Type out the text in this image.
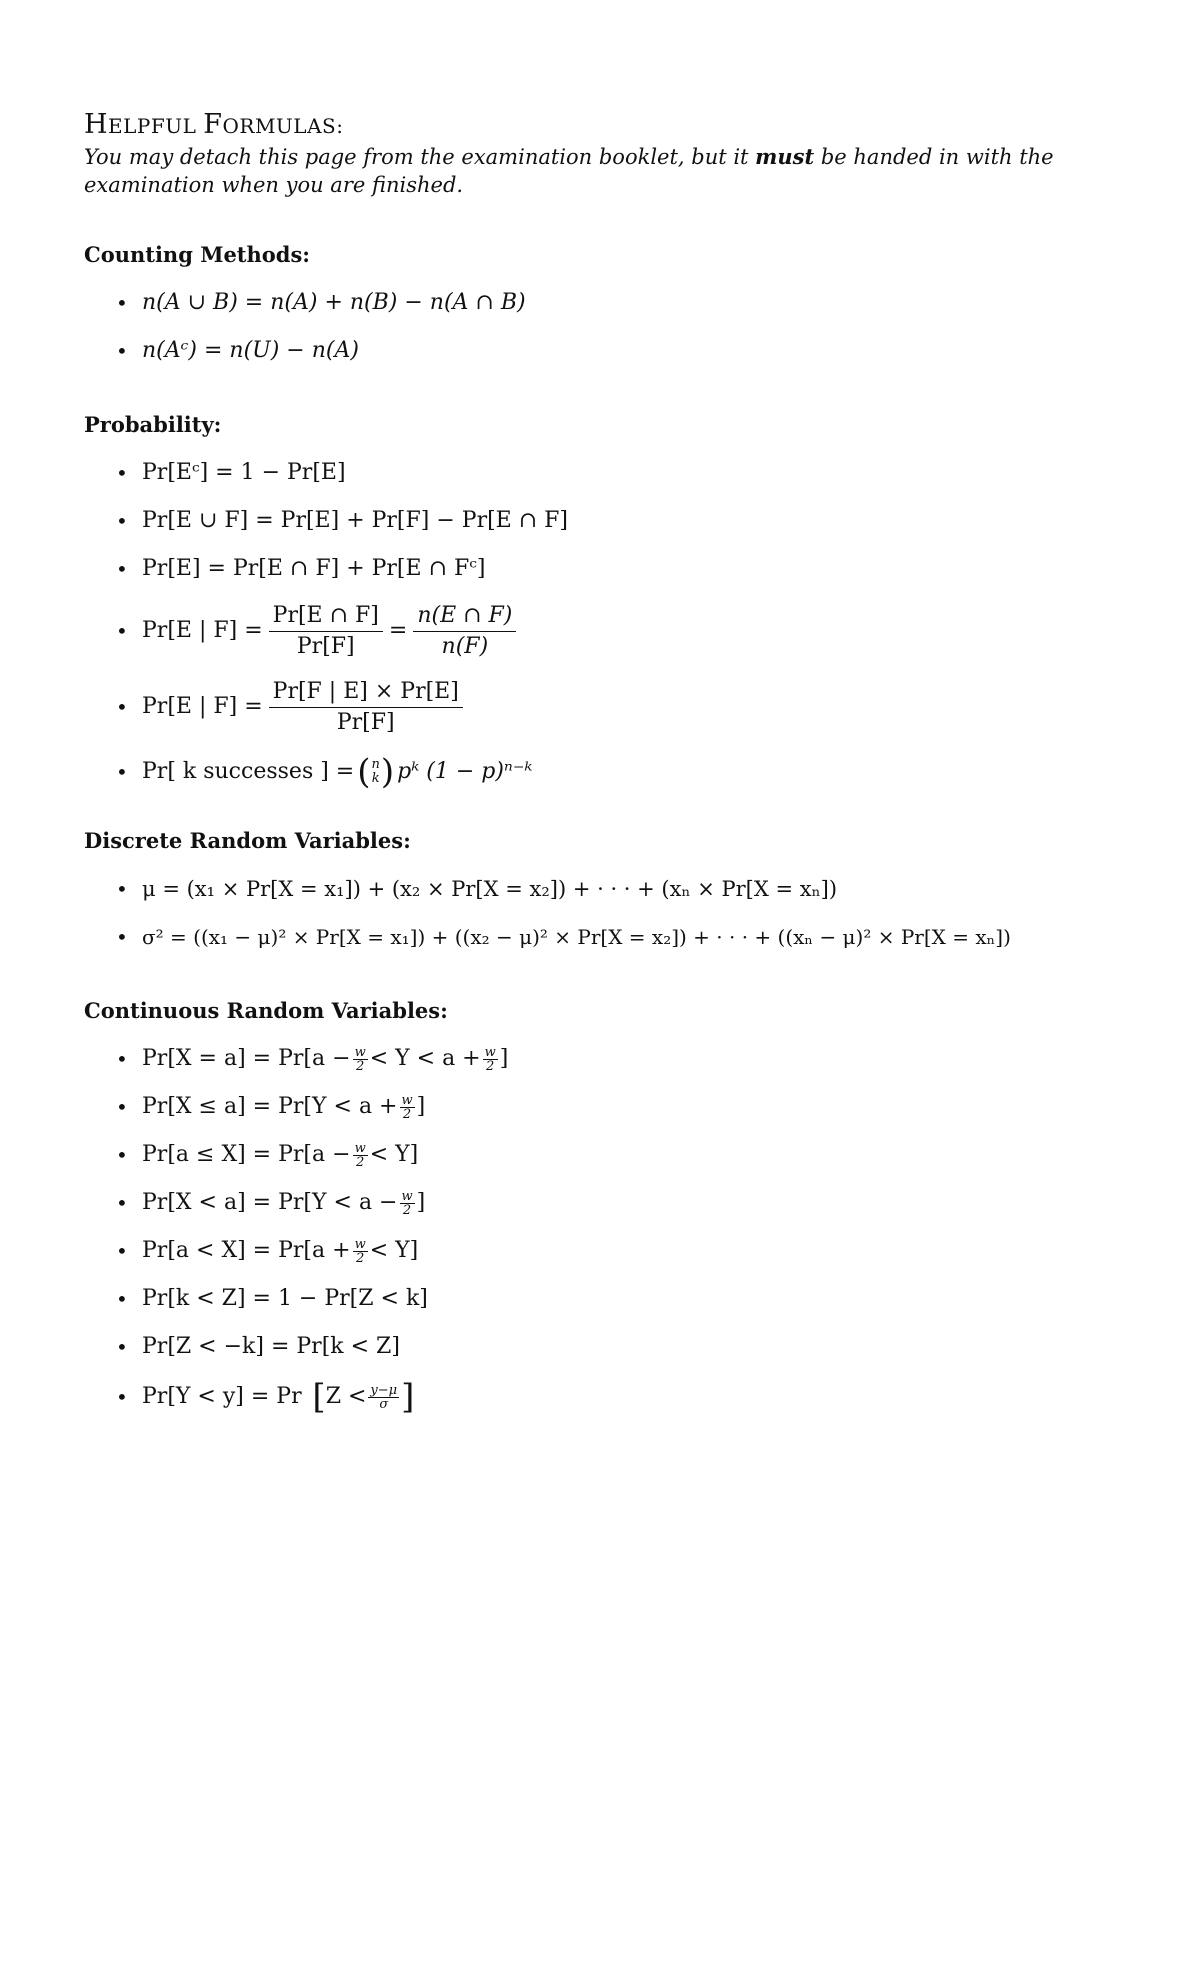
HELPFUL FORMULAS:

You may detach this page from the examination booklet, but it must be handed in with the examination when you are finished.

Counting Methods:
• n(A ∪ B) = n(A) + n(B) − n(A ∩ B)
• n(Aᶜ) = n(U) − n(A)
Probability:
• Pr[Eᶜ] = 1 − Pr[E]
• Pr[E ∪ F] = Pr[E] + Pr[F] − Pr[E ∩ F]
• Pr[E] = Pr[E ∩ F] + Pr[E ∩ Fᶜ]
• Pr[E | $F] = \frac{Pr[E \cap F]}{Pr[F]} = \frac{n(E \cap F)}{n(F)}$
• Pr[E | $F] = \frac{Pr[F | E] \times Pr[E]}{Pr[F]}$
• Pr[ k successes ] = ( n
k ) pᵏ (1 − p)ⁿ⁻ᵏ
Discrete Random Variables:
• μ = (x₁ × Pr[X = x₁]) + (x₂ × Pr[X = x₂]) + · · · + (xₙ × Pr[X = xₙ])
• σ² = ((x₁ − μ)² × Pr[X = x₁]) + ((x₂ − μ)² × Pr[X = x₂]) + · · · + ((xₙ − μ)² × Pr[X = xₙ])
Continuous Random Variables:
• $Pr[X = a] = Pr[a - \frac{w}{2} < Y < a + \frac{w}{2}$ ]
• $Pr[X \le a] = Pr[Y < a + \frac{w}{2}$ ]
• $Pr[a \le X] = Pr[a - \frac{w}{2} < Y]$
• $Pr[X < a] = Pr[Y < a - \frac{w}{2}$ ]
• $Pr[a < X] = Pr[a + \frac{w}{2} < Y]$
• Pr[k < Z] = 1 − Pr[Z < k]
• Pr[Z < −k] = Pr[k < Z]
• Pr[Y < y] = Pr [ $Z < \frac{y-\mu}{\sigma}$ ]
